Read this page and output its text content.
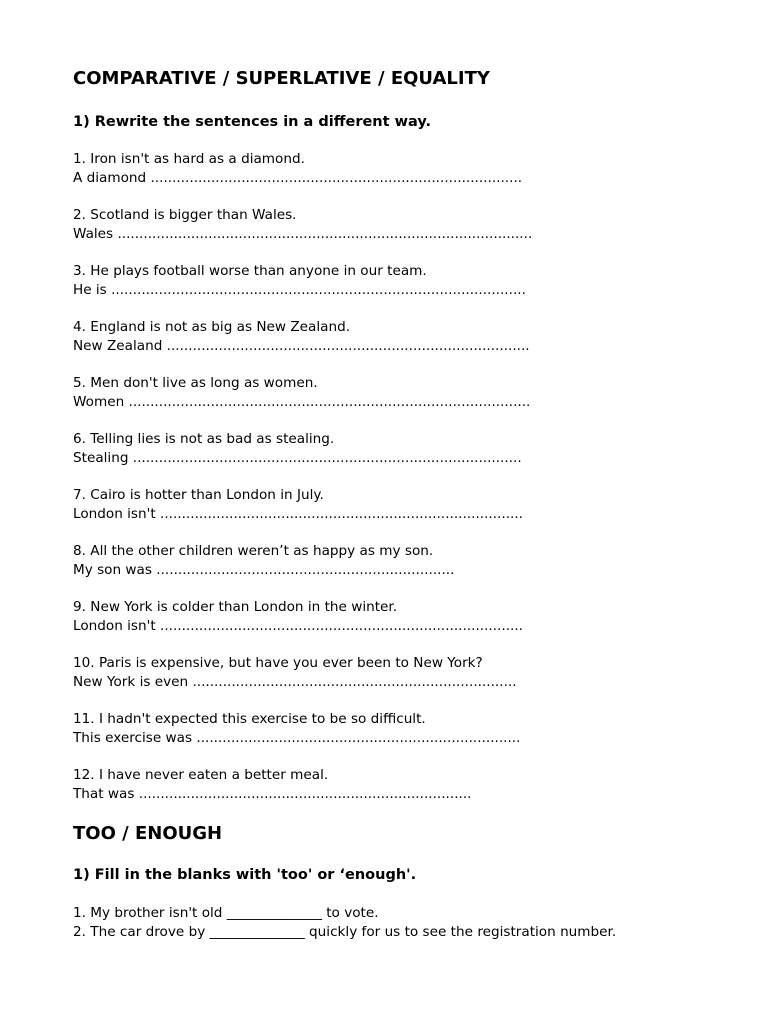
COMPARATIVE / SUPERLATIVE / EQUALITY
1) Rewrite the sentences in a different way.
1. Iron isn't as hard as a diamond.
A diamond ......................................................................................
2. Scotland is bigger than Wales.
Wales ................................................................................................
3. He plays football worse than anyone in our team.
He is ................................................................................................
4. England is not as big as New Zealand.
New Zealand ....................................................................................
5. Men don't live as long as women.
Women .............................................................................................
6. Telling lies is not as bad as stealing.
Stealing ..........................................................................................
7. Cairo is hotter than London in July.
London isn't ....................................................................................
8. All the other children weren’t as happy as my son.
My son was .....................................................................
9. New York is colder than London in the winter.
London isn't ....................................................................................
10. Paris is expensive, but have you ever been to New York?
New York is even ...........................................................................
11. I hadn't expected this exercise to be so difficult.
This exercise was ...........................................................................
12. I have never eaten a better meal.
That was .............................................................................
TOO / ENOUGH
1) Fill in the blanks with 'too' or ‘enough'.
1. My brother isn't old ______________ to vote.
2. The car drove by ______________ quickly for us to see the registration number.
